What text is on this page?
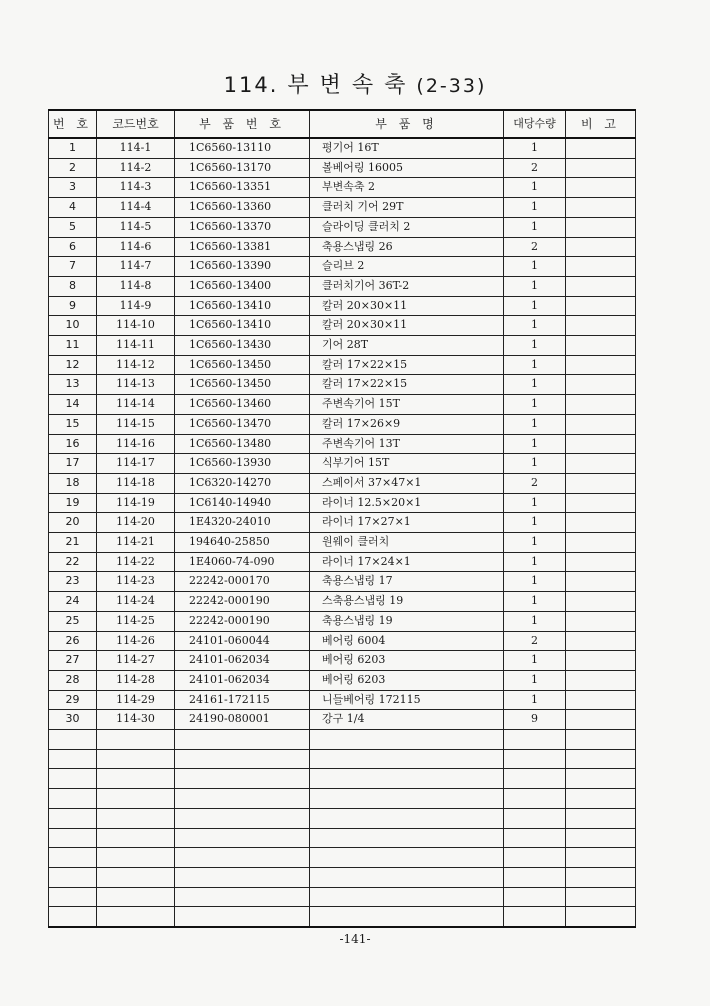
114. 부 변 속 축 (2-33)
번 호	코드번호	부 품 번 호	부 품 명	대당수량	비 고
1	114-1	1C6560-13110	평기어 16T	1	
2	114-2	1C6560-13170	볼베어링 16005	2	
3	114-3	1C6560-13351	부변속축 2	1	
4	114-4	1C6560-13360	클러치 기어 29T	1	
5	114-5	1C6560-13370	슬라이딩 클러치 2	1	
6	114-6	1C6560-13381	축용스냅링 26	2	
7	114-7	1C6560-13390	슬리브 2	1	
8	114-8	1C6560-13400	클러치기어 36T-2	1	
9	114-9	1C6560-13410	칼러 20×30×11	1	
10	114-10	1C6560-13410	칼러 20×30×11	1	
11	114-11	1C6560-13430	기어 28T	1	
12	114-12	1C6560-13450	칼러 17×22×15	1	
13	114-13	1C6560-13450	칼러 17×22×15	1	
14	114-14	1C6560-13460	주변속기어 15T	1	
15	114-15	1C6560-13470	칼러 17×26×9	1	
16	114-16	1C6560-13480	주변속기어 13T	1	
17	114-17	1C6560-13930	식부기어 15T	1	
18	114-18	1C6320-14270	스페이서 37×47×1	2	
19	114-19	1C6140-14940	라이너 12.5×20×1	1	
20	114-20	1E4320-24010	라이너 17×27×1	1	
21	114-21	194640-25850	원웨이 클러치	1	
22	114-22	1E4060-74-090	라이너 17×24×1	1	
23	114-23	22242-000170	축용스냅링 17	1	
24	114-24	22242-000190	스축용스냅링 19	1	
25	114-25	22242-000190	축용스냅링 19	1	
26	114-26	24101-060044	베어링 6004	2	
27	114-27	24101-062034	베어링 6203	1	
28	114-28	24101-062034	베어링 6203	1	
29	114-29	24161-172115	니들베어링 172115	1	
30	114-30	24190-080001	강구 1/4	9	

-141-
